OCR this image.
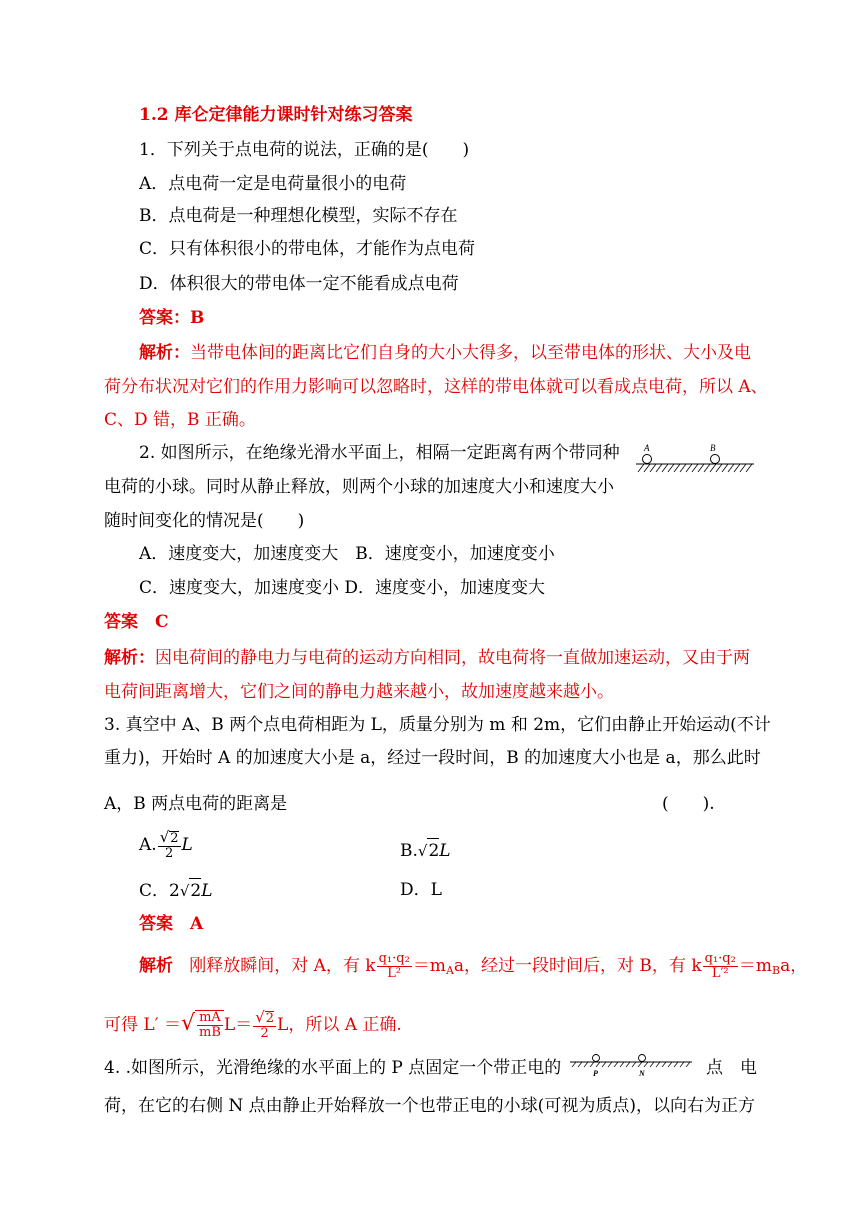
1.2 库仑定律能力课时针对练习答案
1．下列关于点电荷的说法，正确的是(　　)
A．点电荷一定是电荷量很小的电荷
B．点电荷是一种理想化模型，实际不存在
C．只有体积很小的带电体，才能作为点电荷
D．体积很大的带电体一定不能看成点电荷
答案：B
解析：当带电体间的距离比它们自身的大小大得多，以至带电体的形状、大小及电
荷分布状况对它们的作用力影响可以忽略时，这样的带电体就可以看成点电荷，所以 A、
C、D 错，B 正确。
2. 如图所示，在绝缘光滑水平面上，相隔一定距离有两个带同种
电荷的小球。同时从静止释放，则两个小球的加速度大小和速度大小
随时间变化的情况是(　　)
A	B
A．速度变大，加速度变大　B．速度变小，加速度变小
C．速度变大，加速度变小 D．速度变小，加速度变大
答案　C
解析：因电荷间的静电力与电荷的运动方向相同，故电荷将一直做加速运动，又由于两
电荷间距离增大，它们之间的静电力越来越小，故加速度越来越小。
3. 真空中 A、B 两个点电荷相距为 L，质量分别为 m 和 2m，它们由静止开始运动(不计
重力)，开始时 A 的加速度大小是 a，经过一段时间，B 的加速度大小也是 a，那么此时
A，B 两点电荷的距离是	(　　).
A. $\frac{√2}{2}$ L	B.√2L
C．2√2L	D．L
答案　A
解析 刚释放瞬间，对 A，有 k $\frac{\text{q₁·q₂}}{\text{L²}} =m_Aa$，经过一段时间后，对 B，有 k $\frac{\text{q₁·q₂}}{\text{L′²}} =m_Ba$，
可得 L′ ＝√ $\frac{mA}{mB} L= \frac{√2}{2}$ L，所以 A 正确.
4. .如图所示，光滑绝缘的水平面上的 P 点固定一个带正电的	P	N	点　电
荷，在它的右侧 N 点由静止开始释放一个也带正电的小球(可视为质点)，以向右为正方
